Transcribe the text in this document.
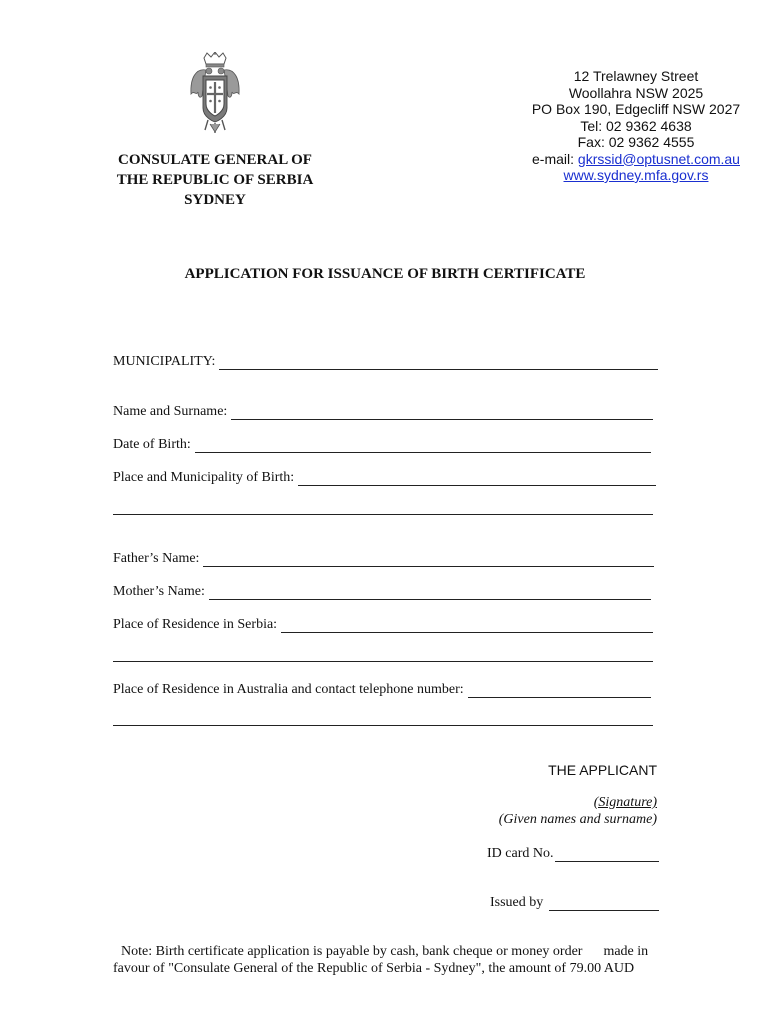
CONSULATE GENERAL OF
THE REPUBLIC OF SERBIA
SYDNEY
12 Trelawney Street
Woollahra NSW 2025
PO Box 190, Edgecliff NSW 2027
Tel: 02 9362 4638
Fax: 02 9362 4555
e-mail: gkrssid@optusnet.com.au
www.sydney.mfa.gov.rs
APPLICATION FOR ISSUANCE OF BIRTH CERTIFICATE
MUNICIPALITY:
Name and Surname:
Date of Birth:
Place and Municipality of Birth:
Father’s Name:
Mother’s Name:
Place of Residence in Serbia:
Place of Residence in Australia and contact telephone number:
THE APPLICANT
(Signature)
(Given names and surname)
ID card No.
Issued by
Note: Birth certificate application is payable by cash, bank cheque or money order      made in
favour of "Consulate General of the Republic of Serbia - Sydney", the amount of 79.00 AUD
